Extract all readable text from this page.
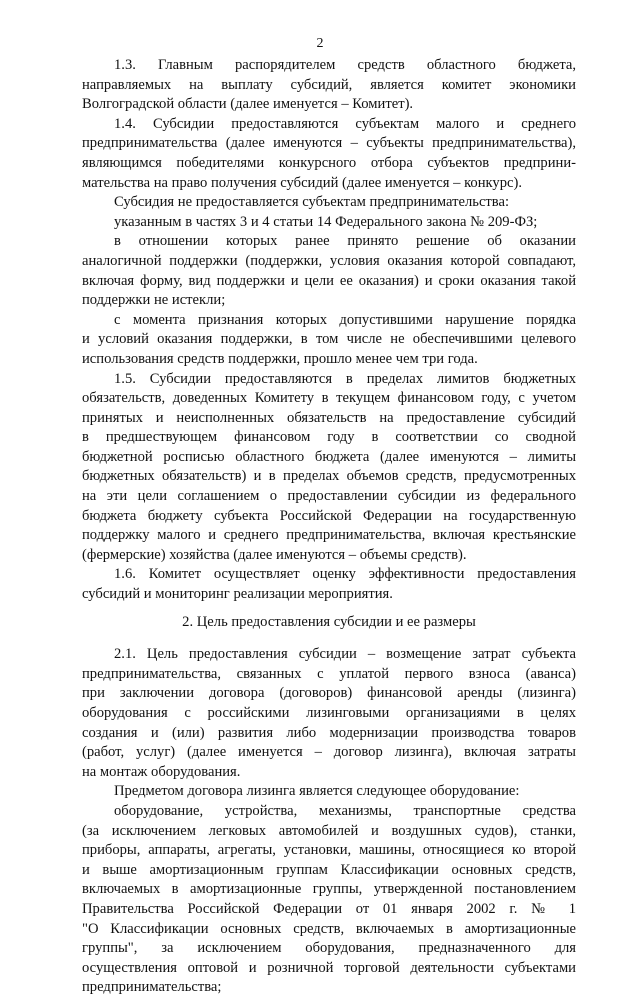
2
1.3. Главным распорядителем средств областного бюджета,
направляемых на выплату субсидий, является комитет экономики
Волгоградской области (далее именуется – Комитет).
1.4. Субсидии предоставляются субъектам малого и среднего
предпринимательства (далее именуются – субъекты предпринимательства),
являющимся победителями конкурсного отбора субъектов предприни-
мательства на право получения субсидий (далее именуется – конкурс).
Субсидия не предоставляется субъектам предпринимательства:
указанным в частях 3 и 4 статьи 14 Федерального закона № 209-ФЗ;
в отношении которых ранее принято решение об оказании
аналогичной поддержки (поддержки, условия оказания которой совпадают,
включая форму, вид поддержки и цели ее оказания) и сроки оказания такой
поддержки не истекли;
с момента признания которых допустившими нарушение порядка
и условий оказания поддержки, в том числе не обеспечившими целевого
использования средств поддержки, прошло менее чем три года.
1.5. Субсидии предоставляются в пределах лимитов бюджетных
обязательств, доведенных Комитету в текущем финансовом году, с учетом
принятых и неисполненных обязательств на предоставление субсидий
в предшествующем финансовом году в соответствии со сводной
бюджетной росписью областного бюджета (далее именуются – лимиты
бюджетных обязательств) и в пределах объемов средств, предусмотренных
на эти цели соглашением о предоставлении субсидии из федерального
бюджета бюджету субъекта Российской Федерации на государственную
поддержку малого и среднего предпринимательства, включая крестьянские
(фермерские) хозяйства (далее именуются – объемы средств).
1.6. Комитет осуществляет оценку эффективности предоставления
субсидий и мониторинг реализации мероприятия.
2. Цель предоставления субсидии и ее размеры
2.1. Цель предоставления субсидии – возмещение затрат субъекта
предпринимательства, связанных с уплатой первого взноса (аванса)
при заключении договора (договоров) финансовой аренды (лизинга)
оборудования с российскими лизинговыми организациями в целях
создания и (или) развития либо модернизации производства товаров
(работ, услуг) (далее именуется – договор лизинга), включая затраты
на монтаж оборудования.
Предметом договора лизинга является следующее оборудование:
оборудование, устройства, механизмы, транспортные средства
(за исключением легковых автомобилей и воздушных судов), станки,
приборы, аппараты, агрегаты, установки, машины, относящиеся ко второй
и выше амортизационным группам Классификации основных средств,
включаемых в амортизационные группы, утвержденной постановлением
Правительства Российской Федерации от 01 января 2002 г. № 1
"О Классификации основных средств, включаемых в амортизационные
группы", за исключением оборудования, предназначенного для
осуществления оптовой и розничной торговой деятельности субъектами
предпринимательства;
